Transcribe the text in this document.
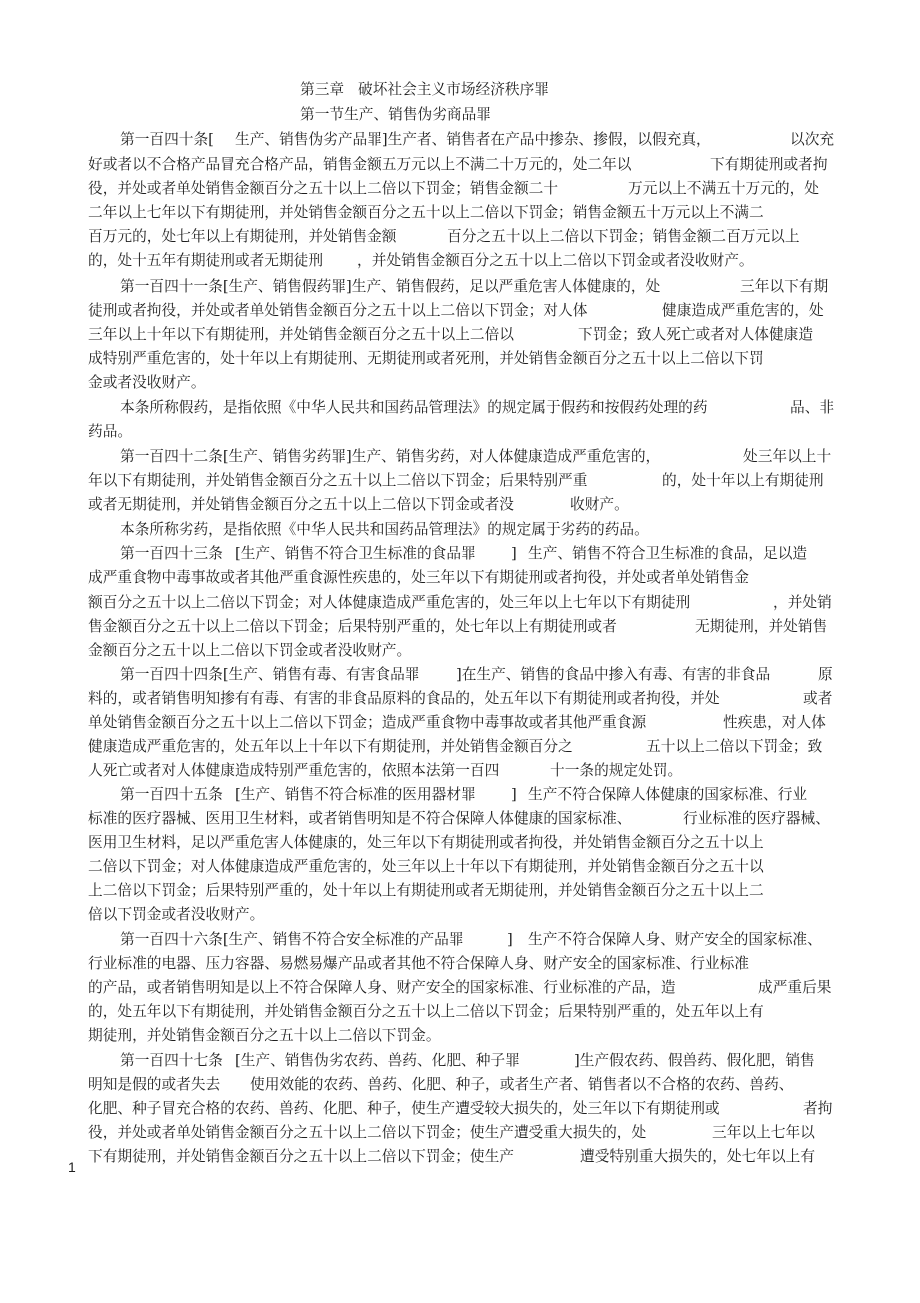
第三章 破坏社会主义市场经济秩序罪
第一节生产、销售伪劣商品罪
第一百四十条[ 生产、销售伪劣产品罪]生产者、销售者在产品中掺杂、掺假，以假充真，	以次充
好或者以不合格产品冒充合格产品，销售金额五万元以上不满二十万元的，处二年以	下有期徒刑或者拘
役，并处或者单处销售金额百分之五十以上二倍以下罚金；销售金额二十	万元以上不满五十万元的，处
二年以上七年以下有期徒刑，并处销售金额百分之五十以上二倍以下罚金；销售金额五十万元以上不满二
百万元的，处七年以上有期徒刑，并处销售金额	百分之五十以上二倍以下罚金；销售金额二百万元以上
的，处十五年有期徒刑或者无期徒刑 ，并处销售金额百分之五十以上二倍以下罚金或者没收财产。
第一百四十一条[生产、销售假药罪]生产、销售假药，足以严重危害人体健康的，处	三年以下有期
徒刑或者拘役，并处或者单处销售金额百分之五十以上二倍以下罚金；对人体	健康造成严重危害的，处
三年以上十年以下有期徒刑，并处销售金额百分之五十以上二倍以	下罚金；致人死亡或者对人体健康造
成特别严重危害的，处十年以上有期徒刑、无期徒刑或者死刑，并处销售金额百分之五十以上二倍以下罚
金或者没收财产。
本条所称假药，是指依照《中华人民共和国药品管理法》的规定属于假药和按假药处理的药	品、非
药品。
第一百四十二条[生产、销售劣药罪]生产、销售劣药，对人体健康造成严重危害的，	处三年以上十
年以下有期徒刑，并处销售金额百分之五十以上二倍以下罚金；后果特别严重	的，处十年以上有期徒刑
或者无期徒刑，并处销售金额百分之五十以上二倍以下罚金或者没	收财产。
本条所称劣药，是指依照《中华人民共和国药品管理法》的规定属于劣药的药品。
第一百四十三条 [生产、销售不符合卫生标准的食品罪 ] 生产、销售不符合卫生标准的食品，足以造
成严重食物中毒事故或者其他严重食源性疾患的，处三年以下有期徒刑或者拘役，并处或者单处销售金
额百分之五十以上二倍以下罚金；对人体健康造成严重危害的，处三年以上七年以下有期徒刑	，并处销
售金额百分之五十以上二倍以下罚金；后果特别严重的，处七年以上有期徒刑或者	无期徒刑，并处销售
金额百分之五十以上二倍以下罚金或者没收财产。
第一百四十四条[生产、销售有毒、有害食品罪 ]在生产、销售的食品中掺入有毒、有害的非食品	原
料的，或者销售明知掺有有毒、有害的非食品原料的食品的，处五年以下有期徒刑或者拘役，并处	或者
单处销售金额百分之五十以上二倍以下罚金；造成严重食物中毒事故或者其他严重食源	性疾患，对人体
健康造成严重危害的，处五年以上十年以下有期徒刑，并处销售金额百分之	五十以上二倍以下罚金；致
人死亡或者对人体健康造成特别严重危害的，依照本法第一百四	十一条的规定处罚。
第一百四十五条 [生产、销售不符合标准的医用器材罪 ] 生产不符合保障人体健康的国家标准、行业
标准的医疗器械、医用卫生材料，或者销售明知是不符合保障人体健康的国家标准、	行业标准的医疗器械、
医用卫生材料，足以严重危害人体健康的，处三年以下有期徒刑或者拘役，并处销售金额百分之五十以上
二倍以下罚金；对人体健康造成严重危害的，处三年以上十年以下有期徒刑，并处销售金额百分之五十以
上二倍以下罚金；后果特别严重的，处十年以上有期徒刑或者无期徒刑，并处销售金额百分之五十以上二
倍以下罚金或者没收财产。
第一百四十六条[生产、销售不符合安全标准的产品罪	] 生产不符合保障人身、财产安全的国家标准、
行业标准的电器、压力容器、易燃易爆产品或者其他不符合保障人身、财产安全的国家标准、行业标准
的产品，或者销售明知是以上不符合保障人身、财产安全的国家标准、行业标准的产品，造	成严重后果
的，处五年以下有期徒刑，并处销售金额百分之五十以上二倍以下罚金；后果特别严重的，处五年以上有
期徒刑，并处销售金额百分之五十以上二倍以下罚金。
第一百四十七条 [生产、销售伪劣农药、兽药、化肥、种子罪	]生产假农药、假兽药、假化肥，销售
明知是假的或者失去 使用效能的农药、兽药、化肥、种子，或者生产者、销售者以不合格的农药、兽药、
化肥、种子冒充合格的农药、兽药、化肥、种子，使生产遭受较大损失的，处三年以下有期徒刑或	者拘
役，并处或者单处销售金额百分之五十以上二倍以下罚金；使生产遭受重大损失的，处	三年以上七年以
下有期徒刑，并处销售金额百分之五十以上二倍以下罚金；使生产	遭受特别重大损失的，处七年以上有
1
